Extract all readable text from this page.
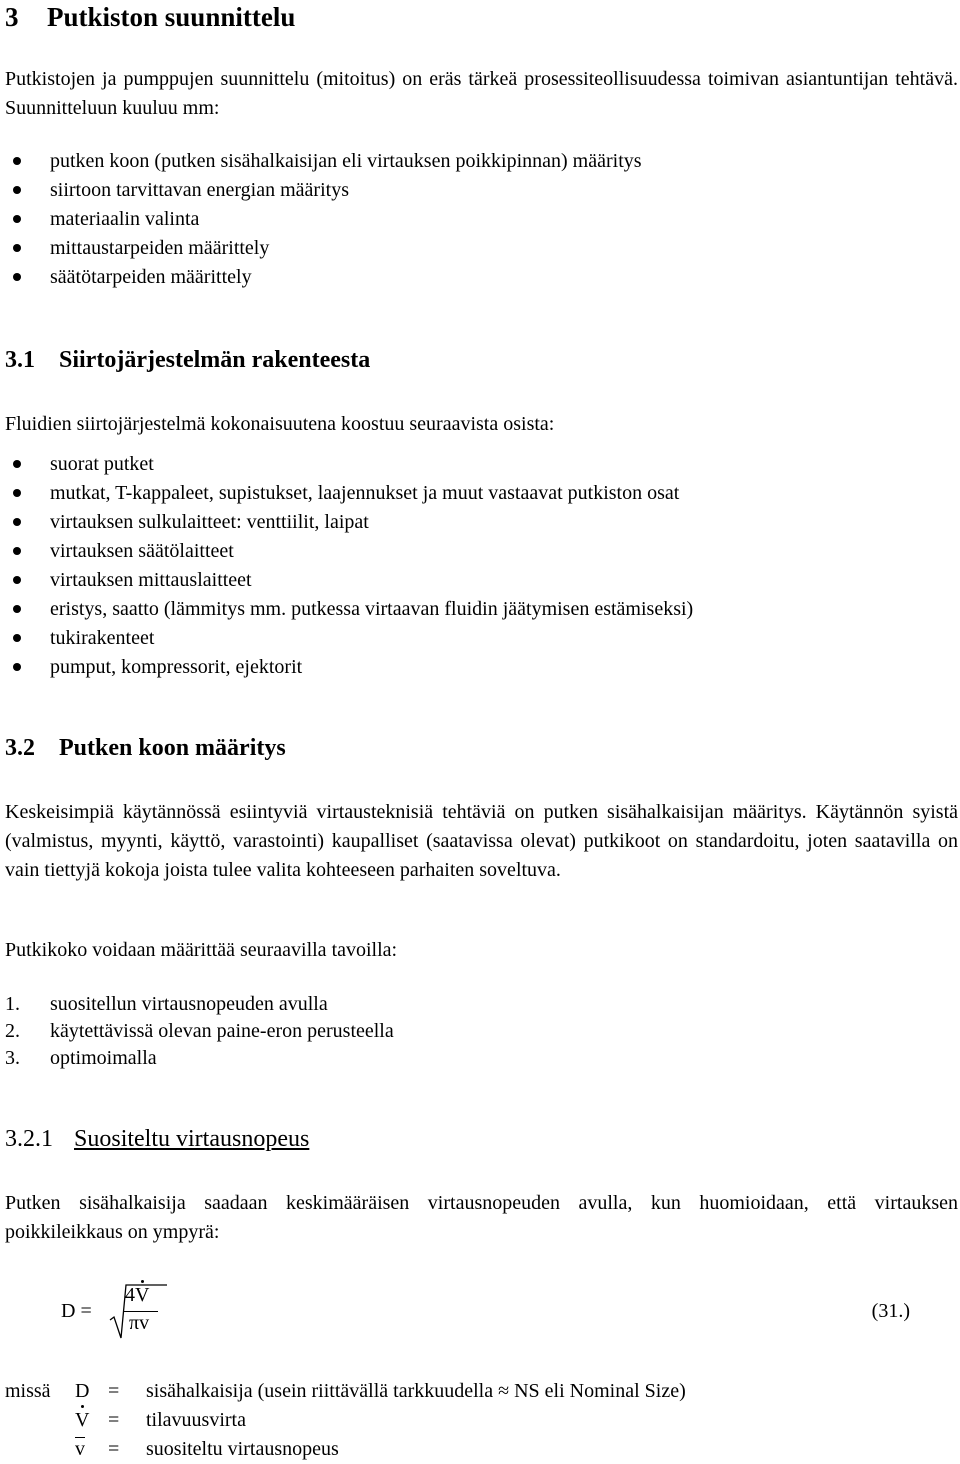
3 Putkiston suunnittelu

Putkistojen ja pumppujen suunnittelu (mitoitus) on eräs tärkeä prosessiteollisuudessa toimivan asiantuntijan tehtävä. Suunnitteluun kuuluu mm:

putken koon (putken sisähalkaisijan eli virtauksen poikkipinnan) määritys
siirtoon tarvittavan energian määritys
materiaalin valinta
mittaustarpeiden määrittely
säätötarpeiden määrittely
3.1 Siirtojärjestelmän rakenteesta

Fluidien siirtojärjestelmä kokonaisuutena koostuu seuraavista osista:

suorat putket
mutkat, T-kappaleet, supistukset, laajennukset ja muut vastaavat putkiston osat
virtauksen sulkulaitteet: venttiilit, laipat
virtauksen säätölaitteet
virtauksen mittauslaitteet
eristys, saatto (lämmitys mm. putkessa virtaavan fluidin jäätymisen estämiseksi)
tukirakenteet
pumput, kompressorit, ejektorit
3.2 Putken koon määritys

Keskeisimpiä käytännössä esiintyviä virtausteknisiä tehtäviä on putken sisähalkaisijan määritys. Käytännön syistä (valmistus, myynti, käyttö, varastointi) kaupalliset (saatavissa olevat) putkikoot on standardoitu, joten saatavilla on vain tiettyjä kokoja joista tulee valita kohteeseen parhaiten soveltuva.

Putkikoko voidaan määrittää seuraavilla tavoilla:

1. suositellun virtausnopeuden avulla
2. käytettävissä olevan paine-eron perusteella
3. optimoimalla
3.2.1 Suositeltu virtausnopeus

Putken sisähalkaisija saadaan keskimääräisen virtausnopeuden avulla, kun huomioidaan, että virtauksen poikkileikkaus on ympyrä:

D =
4V
πv
(31.)
missä D = sisähalkaisija (usein riittävällä tarkkuudella ≈ NS eli Nominal Size)
V = tilavuusvirta
v = suositeltu virtausnopeus
